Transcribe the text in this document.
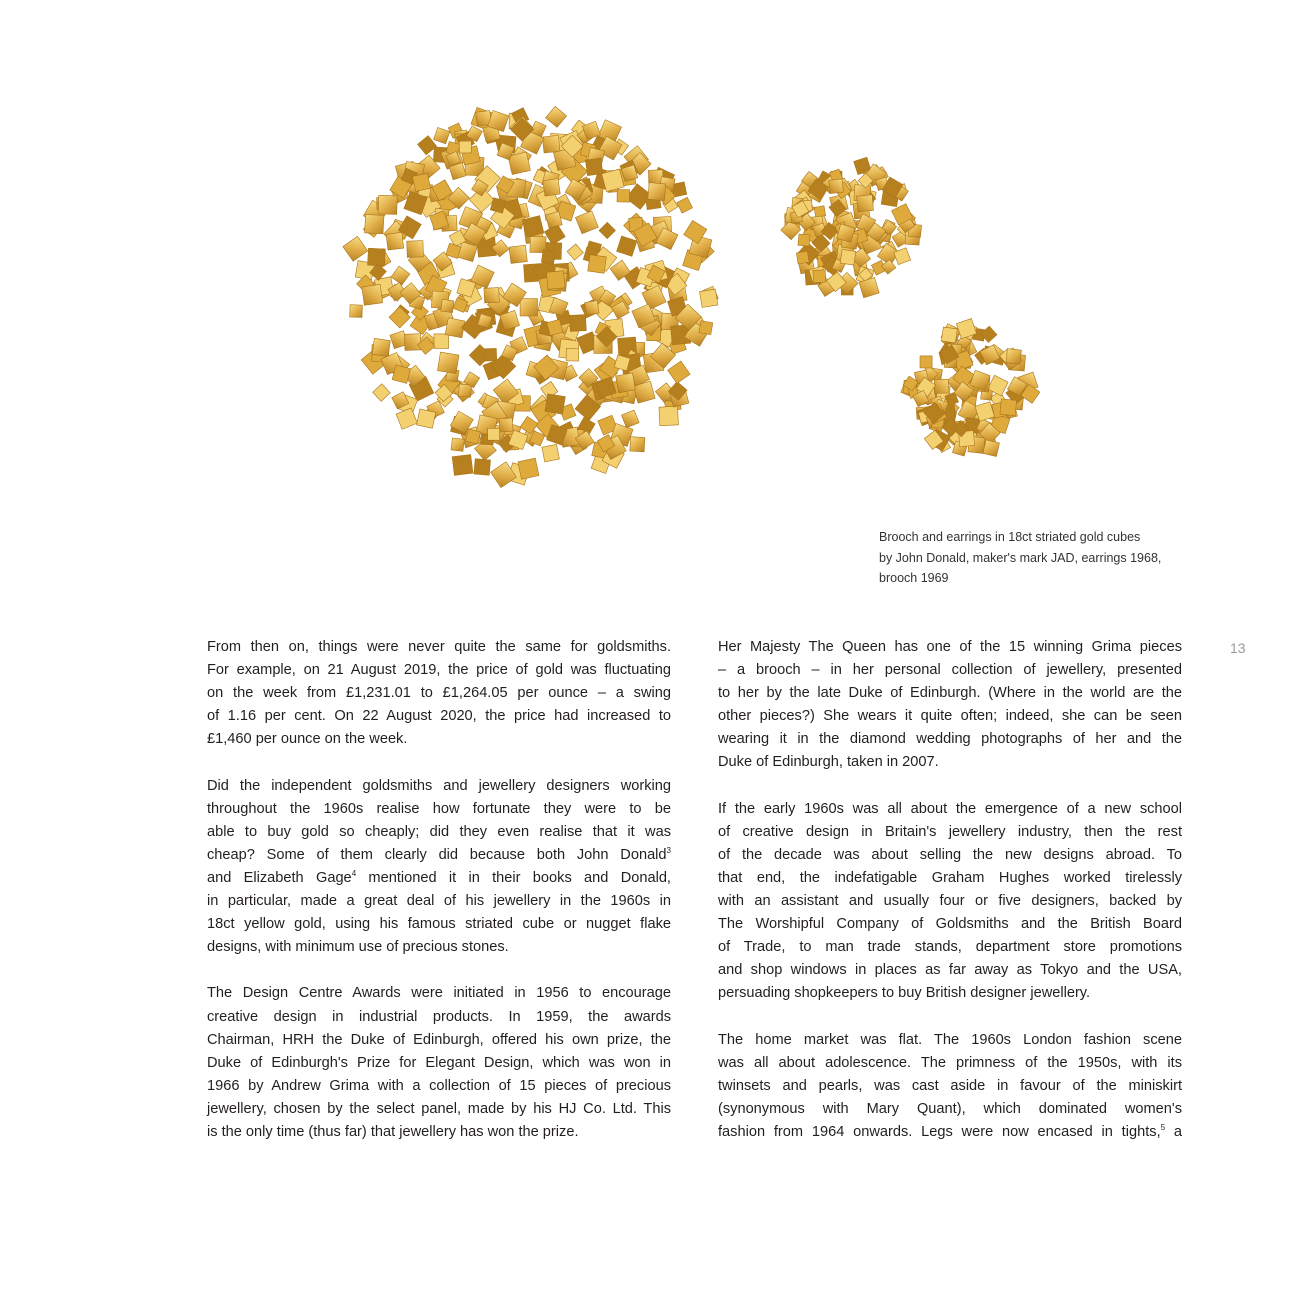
Brooch and earrings in 18ct striated gold cubes
by John Donald, maker's mark JAD, earrings 1968,
brooch 1969
13

From then on, things were never quite the same for goldsmiths.
For example, on 21 August 2019, the price of gold was fluctuating
on the week from £1,231.01 to £1,264.05 per ounce – a swing
of 1.16 per cent. On 22 August 2020, the price had increased to
£1,460 per ounce on the week.

Did the independent goldsmiths and jewellery designers working
throughout the 1960s realise how fortunate they were to be
able to buy gold so cheaply; did they even realise that it was
cheap? Some of them clearly did because both John Donald$^3$
and Elizabeth Gage$^4$ mentioned it in their books and Donald,
in particular, made a great deal of his jewellery in the 1960s in
18ct yellow gold, using his famous striated cube or nugget flake
designs, with minimum use of precious stones.

The Design Centre Awards were initiated in 1956 to encourage
creative design in industrial products. In 1959, the awards
Chairman, HRH the Duke of Edinburgh, offered his own prize, the
Duke of Edinburgh's Prize for Elegant Design, which was won in
1966 by Andrew Grima with a collection of 15 pieces of precious
jewellery, chosen by the select panel, made by his HJ Co. Ltd. This
is the only time (thus far) that jewellery has won the prize.

Her Majesty The Queen has one of the 15 winning Grima pieces
– a brooch – in her personal collection of jewellery, presented
to her by the late Duke of Edinburgh. (Where in the world are the
other pieces?) She wears it quite often; indeed, she can be seen
wearing it in the diamond wedding photographs of her and the
Duke of Edinburgh, taken in 2007.

If the early 1960s was all about the emergence of a new school
of creative design in Britain's jewellery industry, then the rest
of the decade was about selling the new designs abroad. To
that end, the indefatigable Graham Hughes worked tirelessly
with an assistant and usually four or five designers, backed by
The Worshipful Company of Goldsmiths and the British Board
of Trade, to man trade stands, department store promotions
and shop windows in places as far away as Tokyo and the USA,
persuading shopkeepers to buy British designer jewellery.

The home market was flat. The 1960s London fashion scene
was all about adolescence. The primness of the 1950s, with its
twinsets and pearls, was cast aside in favour of the miniskirt
(synonymous with Mary Quant), which dominated women's
fashion from 1964 onwards. Legs were now encased in tights,$^5$ a
